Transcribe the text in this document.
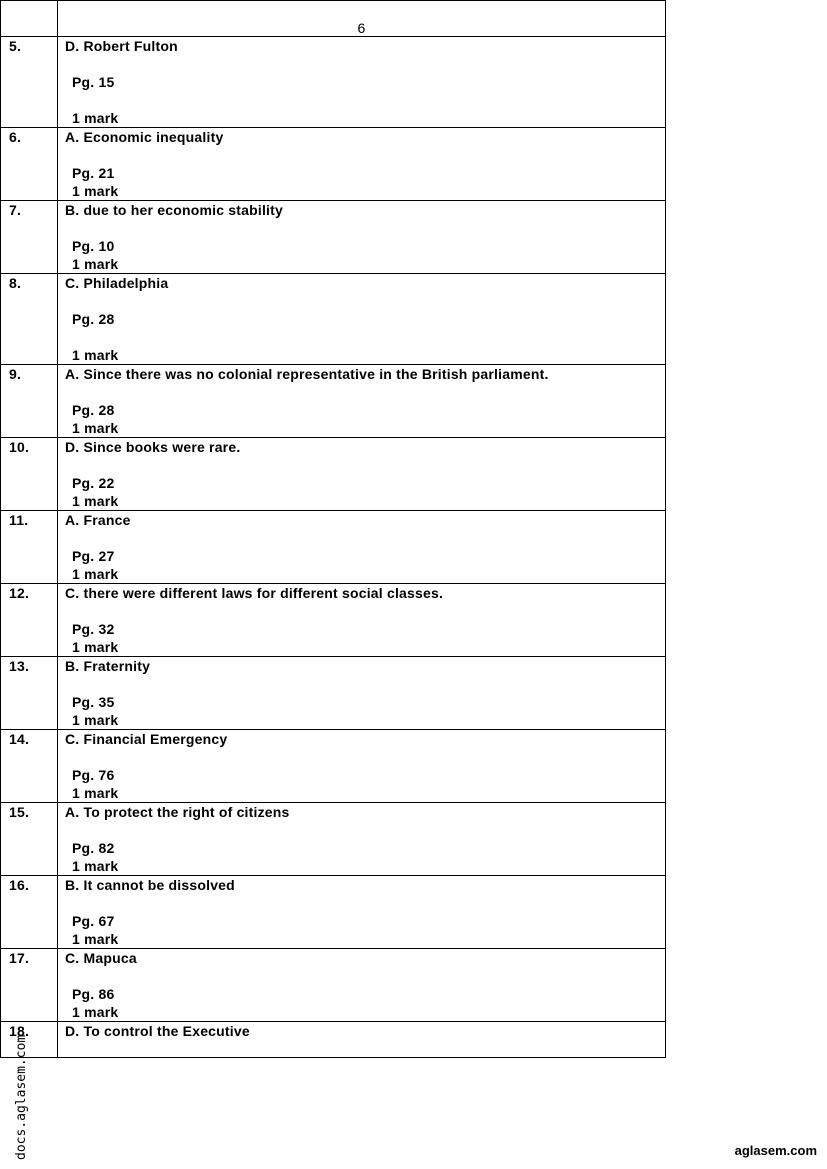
	6

5.	D. Robert Fulton
Pg. 15
1 mark

6.	A. Economic inequality
Pg. 21
1 mark

7.	B. due to her economic stability
Pg. 10
1 mark

8.	C. Philadelphia
Pg. 28
1 mark

9.	A. Since there was no colonial representative in the British parliament.
Pg. 28
1 mark

10.	D. Since books were rare.
Pg. 22
1 mark

11.	A. France
Pg. 27
1 mark

12.	C. there were different laws for different social classes.
Pg. 32
1 mark

13.	B. Fraternity
Pg. 35
1 mark

14.	C. Financial Emergency
Pg. 76
1 mark

15.	A. To protect the right of citizens
Pg. 82
1 mark

16.	B. It cannot be dissolved
Pg. 67
1 mark

17.	C. Mapuca
Pg. 86
1 mark

18.	D. To control the Executive
docs.aglasem.com	aglasem.com
